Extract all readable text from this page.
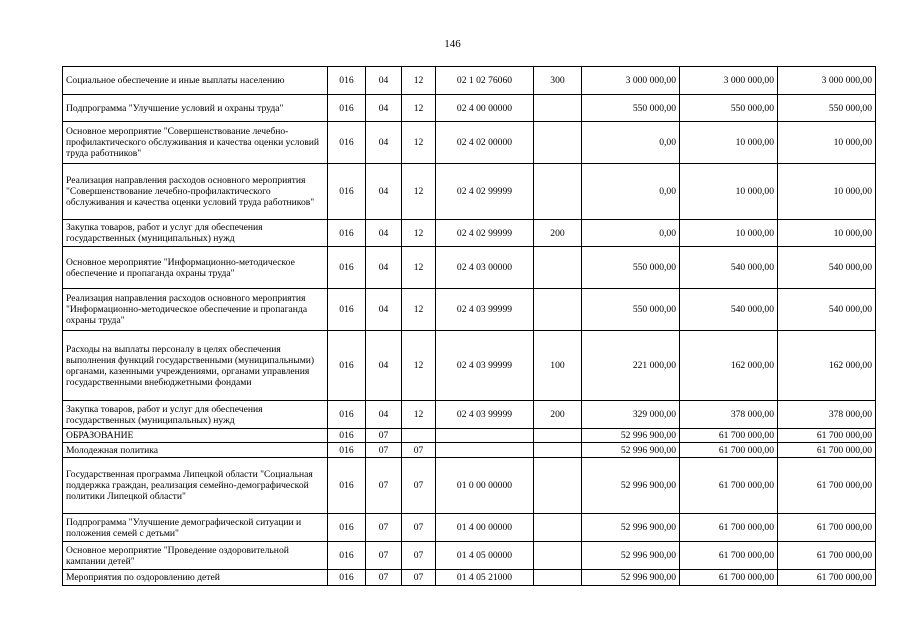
146
Социальное обеспечение и иные выплаты населению	016	04	12	02 1 02 76060	300	3 000 000,00	3 000 000,00	3 000 000,00
Подпрограмма "Улучшение условий и охраны труда"	016	04	12	02 4 00 00000		550 000,00	550 000,00	550 000,00
Основное мероприятие "Совершенствование лечебно-профилактического обслуживания и качества оценки условий труда работников"	016	04	12	02 4 02 00000		0,00	10 000,00	10 000,00
Реализация направления расходов основного мероприятия "Совершенствование лечебно-профилактического обслуживания и качества оценки условий труда работников"	016	04	12	02 4 02 99999		0,00	10 000,00	10 000,00
Закупка товаров, работ и услуг для обеспечения государственных (муниципальных) нужд	016	04	12	02 4 02 99999	200	0,00	10 000,00	10 000,00
Основное мероприятие "Информационно-методическое обеспечение и пропаганда охраны труда"	016	04	12	02 4 03 00000		550 000,00	540 000,00	540 000,00
Реализация направления расходов основного мероприятия "Информационно-методическое обеспечение и пропаганда охраны труда"	016	04	12	02 4 03 99999		550 000,00	540 000,00	540 000,00
Расходы на выплаты персоналу в целях обеспечения выполнения функций государственными (муниципальными) органами, казенными учреждениями, органами управления государственными внебюджетными фондами	016	04	12	02 4 03 99999	100	221 000,00	162 000,00	162 000,00
Закупка товаров, работ и услуг для обеспечения государственных (муниципальных) нужд	016	04	12	02 4 03 99999	200	329 000,00	378 000,00	378 000,00
ОБРАЗОВАНИЕ	016	07				52 996 900,00	61 700 000,00	61 700 000,00
Молодежная политика	016	07	07			52 996 900,00	61 700 000,00	61 700 000,00
Государственная программа Липецкой области "Социальная поддержка граждан, реализация семейно-демографической политики Липецкой области"	016	07	07	01 0 00 00000		52 996 900,00	61 700 000,00	61 700 000,00
Подпрограмма "Улучшение демографической ситуации и положения семей с детьми"	016	07	07	01 4 00 00000		52 996 900,00	61 700 000,00	61 700 000,00
Основное мероприятие "Проведение оздоровительной кампании детей"	016	07	07	01 4 05 00000		52 996 900,00	61 700 000,00	61 700 000,00
Мероприятия по оздоровлению детей	016	07	07	01 4 05 21000		52 996 900,00	61 700 000,00	61 700 000,00
